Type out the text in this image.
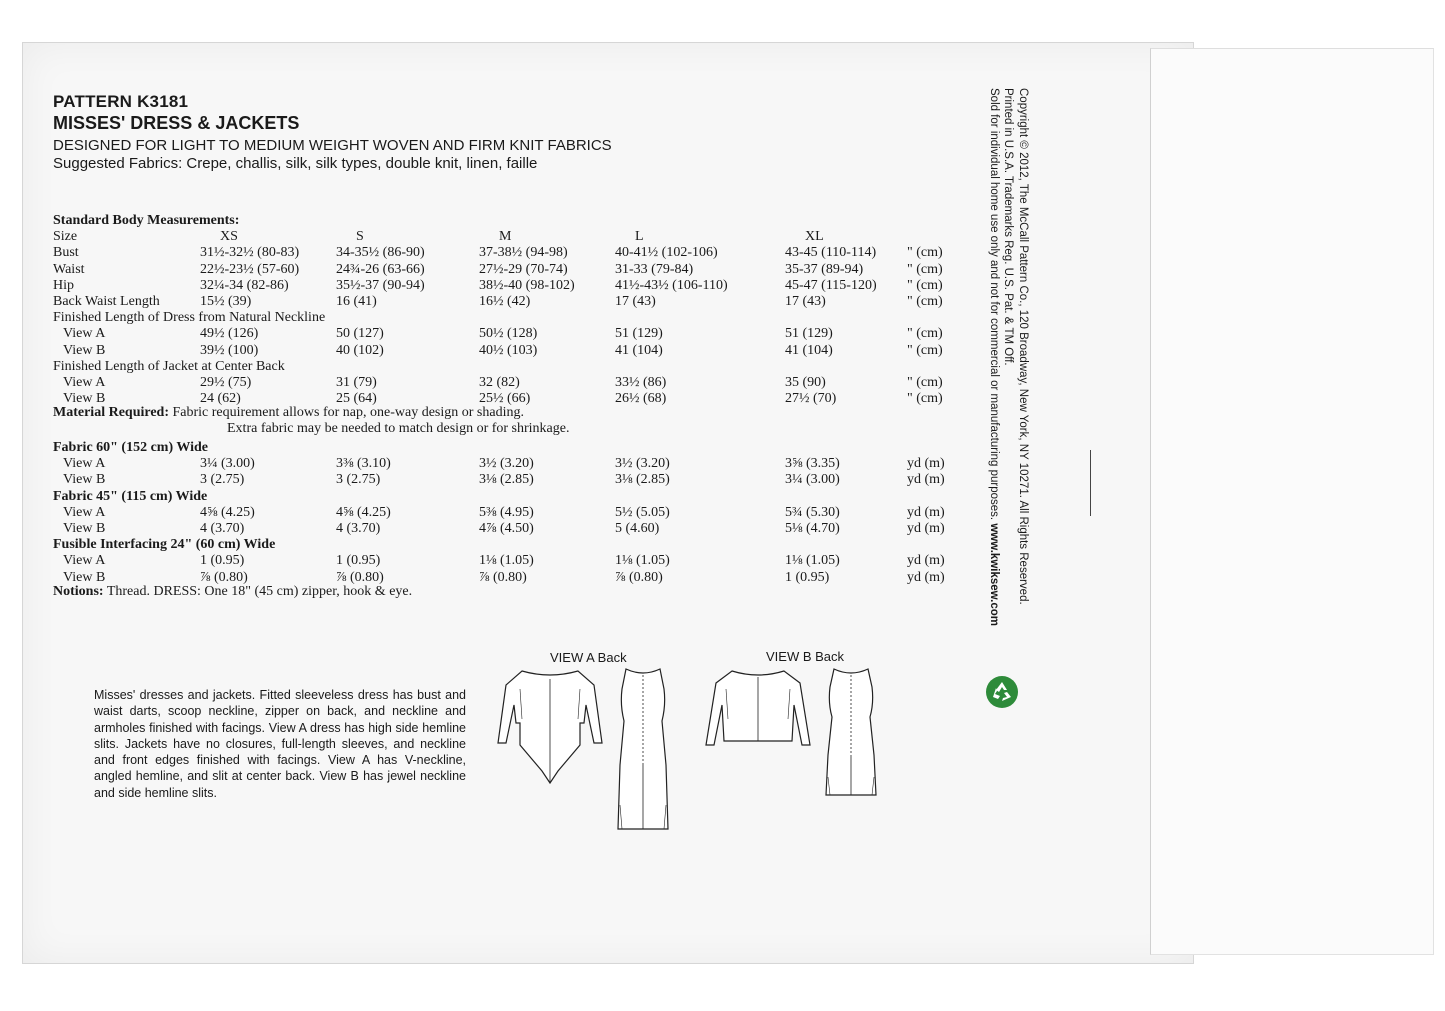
PATTERN K3181
MISSES' DRESS & JACKETS
DESIGNED FOR LIGHT TO MEDIUM WEIGHT WOVEN AND FIRM KNIT FABRICS
Suggested Fabrics: Crepe, challis, silk, silk types, double knit, linen, faille
Standard Body Measurements:
Size	XS	S	M	L	XL
Bust	31½-32½ (80-83)	34-35½ (86-90)	37-38½ (94-98)	40-41½ (102-106)	43-45 (110-114) " (cm)
Waist	22½-23½ (57-60)	24¾-26 (63-66)	27½-29 (70-74)	31-33 (79-84)	35-37 (89-94)	" (cm)
Hip	32¼-34 (82-86)	35½-37 (90-94)	38½-40 (98-102)	41½-43½ (106-110)	45-47 (115-120) " (cm)
Back Waist Length	15½ (39)	16 (41)	16½ (42)	17 (43)	17 (43)	" (cm)
Finished Length of Dress from Natural Neckline
View A	49½ (126)	50 (127)	50½ (128)	51 (129)	51 (129)	" (cm)
View B	39½ (100)	40 (102)	40½ (103)	41 (104)	41 (104)	" (cm)
Finished Length of Jacket at Center Back
View A	29½ (75)	31 (79)	32 (82)	33½ (86)	35 (90)	" (cm)
View B	24 (62)	25 (64)	25½ (66)	26½ (68)	27½ (70)	" (cm)
Fabric 60" (152 cm) Wide
View A	3¼ (3.00)	3⅜ (3.10)	3½ (3.20)	3½ (3.20)	3⅝ (3.35)	yd (m)
View B	3 (2.75)	3 (2.75)	3⅛ (2.85)	3⅛ (2.85)	3¼ (3.00)	yd (m)
Fabric 45" (115 cm) Wide
View A	4⅝ (4.25)	4⅝ (4.25)	5⅜ (4.95)	5½ (5.05)	5¾ (5.30)	yd (m)
View B	4 (3.70)	4 (3.70)	4⅞ (4.50)	5 (4.60)	5⅛ (4.70)	yd (m)
Fusible Interfacing 24" (60 cm) Wide
View A	1 (0.95)	1 (0.95)	1⅛ (1.05)	1⅛ (1.05)	1⅛ (1.05)	yd (m)
View B	⅞ (0.80)	⅞ (0.80)	⅞ (0.80)	⅞ (0.80)	1 (0.95)	yd (m)
Material Required: Fabric requirement allows for nap, one-way design or shading.
Extra fabric may be needed to match design or for shrinkage.
Notions: Thread. DRESS: One 18" (45 cm) zipper, hook & eye.
Misses' dresses and jackets. Fitted sleeveless dress has bust and waist darts, scoop neckline, zipper on back, and neckline and armholes finished with facings. View A dress has high side hemline slits. Jackets have no closures, full-length sleeves, and neckline and front edges finished with facings. View A has V-neckline, angled hemline, and slit at center back. View B has jewel neckline and side hemline slits.
VIEW A Back	VIEW B Back
Copyright © 2012, The McCall Pattern Co., 120 Broadway, New York, NY 10271. All Rights Reserved.
Printed in U.S.A. Trademarks Reg. U.S. Pat. & TM Off.
Sold for individual home use only and not for commercial or manufacturing purposes. www.kwiksew.com
